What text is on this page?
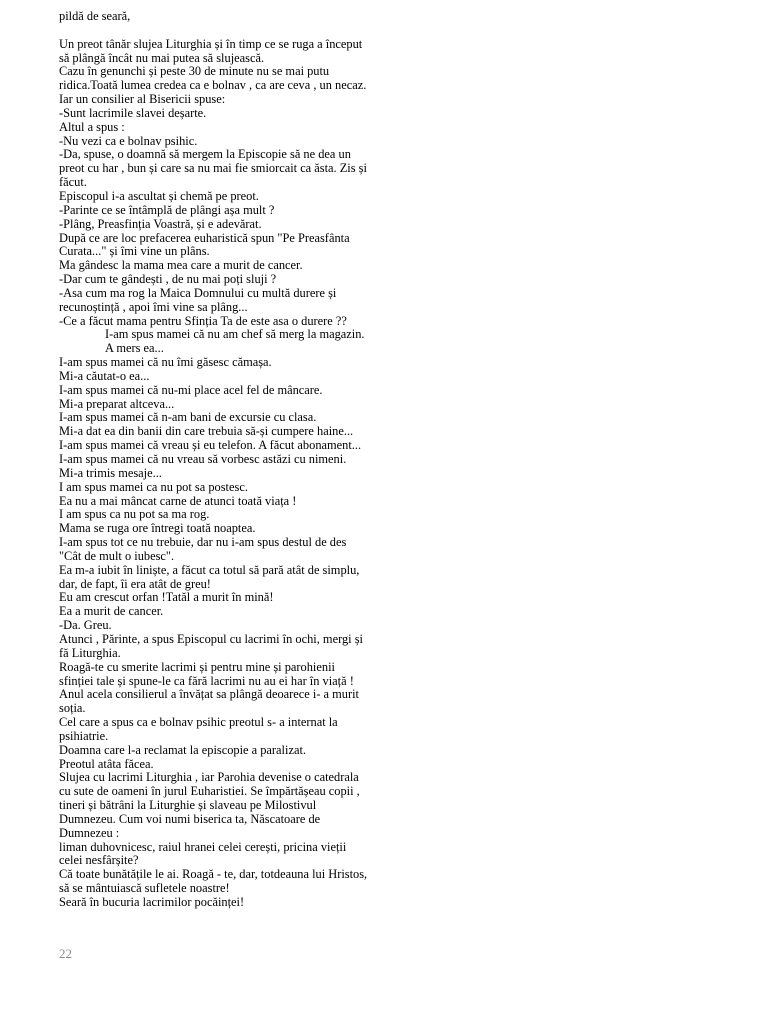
pildă de seară,
Un preot tânăr slujea Liturghia și în timp ce se ruga a început
să plângă încât nu mai putea să slujească.
Cazu în genunchi și peste 30 de minute nu se mai putu
ridica.Toată lumea credea ca e bolnav , ca are ceva , un necaz.
Iar un consilier al Bisericii spuse:
-Sunt lacrimile slavei deșarte.
Altul a spus :
-Nu vezi ca e bolnav psihic.
-Da, spuse, o doamnă să mergem la Episcopie să ne dea un
preot cu har , bun și care sa nu mai fie smiorcait ca ăsta. Zis și
făcut.
Episcopul i-a ascultat și chemă pe preot.
-Parinte ce se întâmplă de plângi așa mult ?
-Plâng, Preasfinția Voastră, și e adevărat.
După ce are loc prefacerea euharistică spun "Pe Preasfânta
Curata..." și îmi vine un plâns.
Ma gândesc la mama mea care a murit de cancer.
-Dar cum te gândești , de nu mai poți sluji ?
-Asa cum ma rog la Maica Domnului cu multă durere și
recunoștință , apoi îmi vine sa plâng...
-Ce a făcut mama pentru Sfinția Ta de este asa o durere ??
I-am spus mamei că nu am chef să merg la magazin.
A mers ea...
I-am spus mamei că nu îmi găsesc cămașa.
Mi-a căutat-o ea...
I-am spus mamei că nu-mi place acel fel de mâncare.
Mi-a preparat altceva...
I-am spus mamei că n-am bani de excursie cu clasa.
Mi-a dat ea din banii din care trebuia să-și cumpere haine...
I-am spus mamei că vreau și eu telefon. A făcut abonament...
I-am spus mamei că nu vreau să vorbesc astăzi cu nimeni.
Mi-a trimis mesaje...
I am spus mamei ca nu pot sa postesc.
Ea nu a mai mâncat carne de atunci toată viața !
I am spus ca nu pot sa ma rog.
Mama se ruga ore întregi toată noaptea.
I-am spus tot ce nu trebuie, dar nu i-am spus destul de des
"Cât de mult o iubesc".
Ea m-a iubit în liniște, a făcut ca totul să pară atât de simplu,
dar, de fapt, îi era atât de greu!
Eu am crescut orfan !Tatăl a murit în mină!
Ea a murit de cancer.
-Da. Greu.
Atunci , Părinte, a spus Episcopul cu lacrimi în ochi, mergi și
fă Liturghia.
Roagă-te cu smerite lacrimi și pentru mine și parohienii
sfinției tale și spune-le ca fără lacrimi nu au ei har în viață !
Anul acela consilierul a învățat sa plângă deoarece i- a murit
soția.
Cel care a spus ca e bolnav psihic preotul s- a internat la
psihiatrie.
Doamna care l-a reclamat la episcopie a paralizat.
Preotul atâta făcea.
Slujea cu lacrimi Liturghia , iar Parohia devenise o catedrala
cu sute de oameni în jurul Euharistiei. Se împărtășeau copii ,
tineri și bătrâni la Liturghie și slaveau pe Milostivul
Dumnezeu. Cum voi numi biserica ta, Născatoare de
Dumnezeu :
liman duhovnicesc, raiul hranei celei cerești, pricina vieții
celei nesfârșite?
Că toate bunătățile le ai. Roagă - te, dar, totdeauna lui Hristos,
să se mântuiască sufletele noastre!
Seară în bucuria lacrimilor pocăinței!
22
